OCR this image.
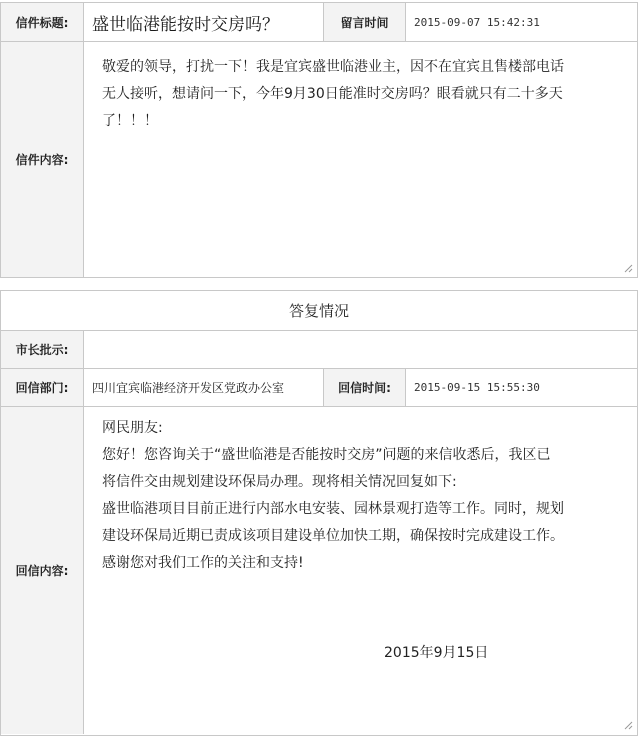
信件标题:	盛世临港能按时交房吗？	留言时间	2015-09-07 15:42:31
信件内容:

敬爱的领导，打扰一下！我是宜宾盛世临港业主，因不在宜宾且售楼部电话

无人接听，想请问一下，今年9月30日能准时交房吗？眼看就只有二十多天

了！！！

答复情况
市长批示:
回信部门:	四川宜宾临港经济开发区党政办公室	回信时间:	2015-09-15 15:55:30
回信内容:

网民朋友:

您好！您咨询关于“盛世临港是否能按时交房”问题的来信收悉后，我区已

将信件交由规划建设环保局办理。现将相关情况回复如下:

盛世临港项目目前正进行内部水电安装、园林景观打造等工作。同时，规划

建设环保局近期已责成该项目建设单位加快工期，确保按时完成建设工作。

感谢您对我们工作的关注和支持!

2015年9月15日
